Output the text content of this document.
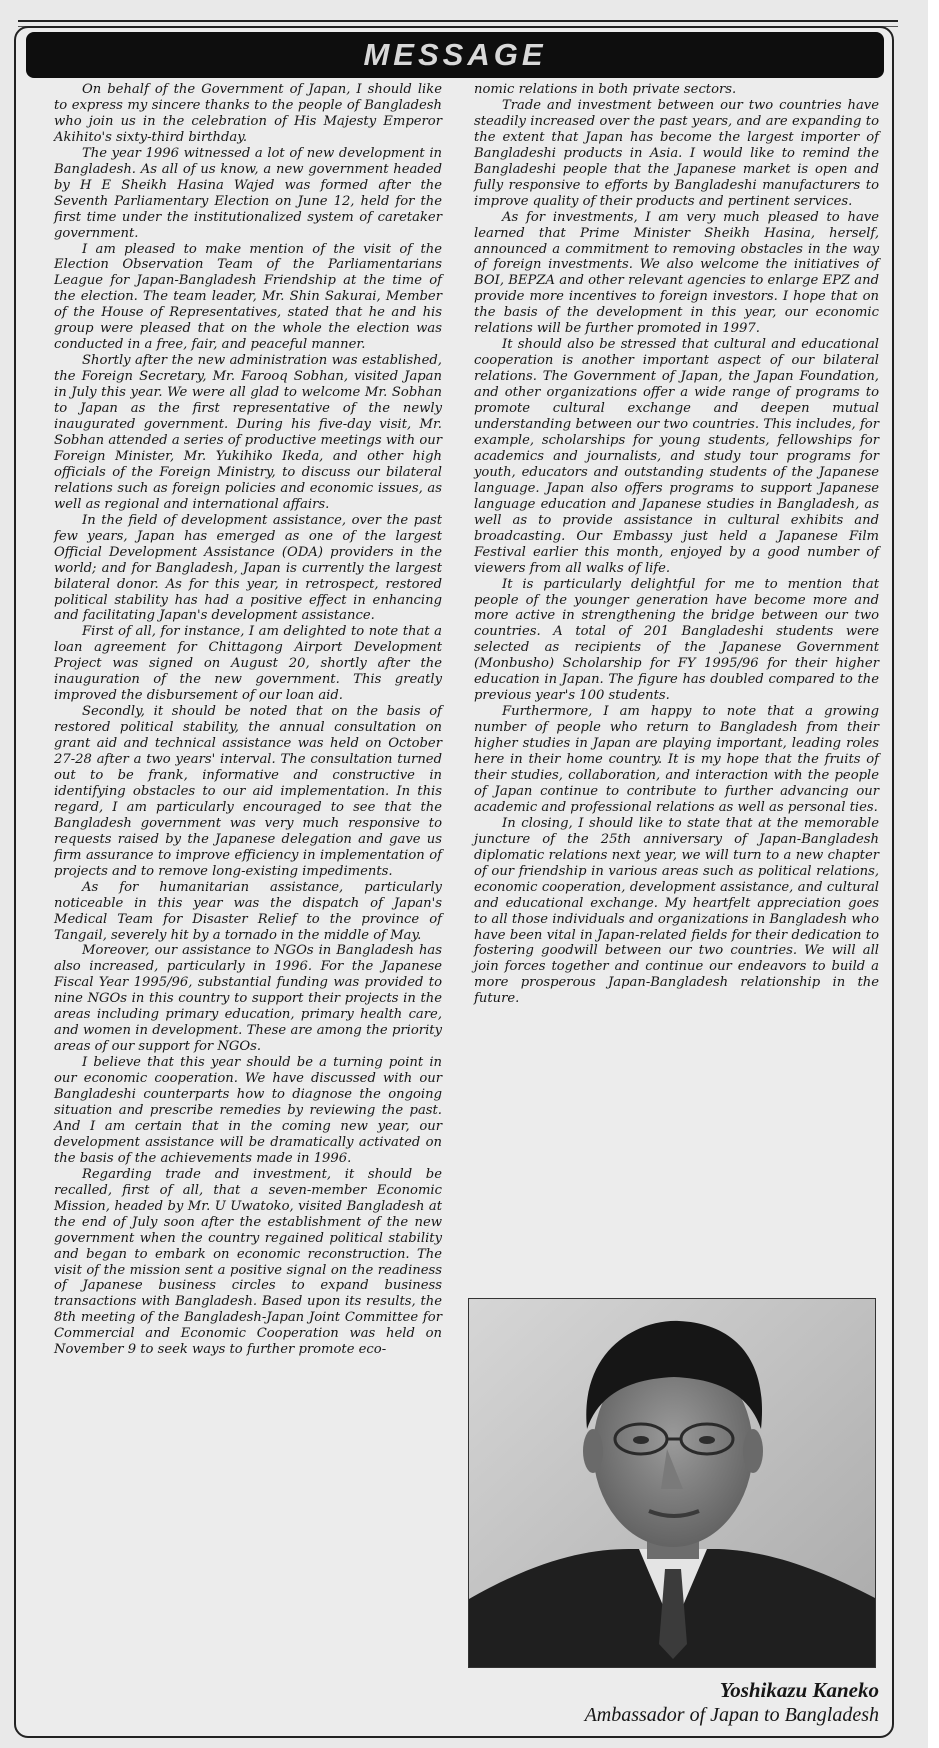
MESSAGE

On behalf of the Government of Japan, I should like to express my sincere thanks to the people of Bangladesh who join us in the celebration of His Majesty Emperor Akihito's sixty-third birthday.

The year 1996 witnessed a lot of new development in Bangladesh. As all of us know, a new government headed by H E Sheikh Hasina Wajed was formed after the Seventh Parliamentary Election on June 12, held for the first time under the institutionalized system of caretaker government.

I am pleased to make mention of the visit of the Election Observation Team of the Parliamentarians League for Japan-Bangladesh Friendship at the time of the election. The team leader, Mr. Shin Sakurai, Member of the House of Representatives, stated that he and his group were pleased that on the whole the election was conducted in a free, fair, and peaceful manner.

Shortly after the new administration was established, the Foreign Secretary, Mr. Farooq Sobhan, visited Japan in July this year. We were all glad to welcome Mr. Sobhan to Japan as the first representative of the newly inaugurated government. During his five-day visit, Mr. Sobhan attended a series of productive meetings with our Foreign Minister, Mr. Yukihiko Ikeda, and other high officials of the Foreign Ministry, to discuss our bilateral relations such as foreign policies and economic issues, as well as regional and international affairs.

In the field of development assistance, over the past few years, Japan has emerged as one of the largest Official Development Assistance (ODA) providers in the world; and for Bangladesh, Japan is currently the largest bilateral donor. As for this year, in retrospect, restored political stability has had a positive effect in enhancing and facilitating Japan's development assistance.

First of all, for instance, I am delighted to note that a loan agreement for Chittagong Airport Development Project was signed on August 20, shortly after the inauguration of the new government. This greatly improved the disbursement of our loan aid.

Secondly, it should be noted that on the basis of restored political stability, the annual consultation on grant aid and technical assistance was held on October 27-28 after a two years' interval. The consultation turned out to be frank, informative and constructive in identifying obstacles to our aid implementation. In this regard, I am particularly encouraged to see that the Bangladesh government was very much responsive to requests raised by the Japanese delegation and gave us firm assurance to improve efficiency in implementation of projects and to remove long-existing impediments.

As for humanitarian assistance, particularly noticeable in this year was the dispatch of Japan's Medical Team for Disaster Relief to the province of Tangail, severely hit by a tornado in the middle of May.

Moreover, our assistance to NGOs in Bangladesh has also increased, particularly in 1996. For the Japanese Fiscal Year 1995/96, substantial funding was provided to nine NGOs in this country to support their projects in the areas including primary education, primary health care, and women in development. These are among the priority areas of our support for NGOs.

I believe that this year should be a turning point in our economic cooperation. We have discussed with our Bangladeshi counterparts how to diagnose the ongoing situation and prescribe remedies by reviewing the past. And I am certain that in the coming new year, our development assistance will be dramatically activated on the basis of the achievements made in 1996.

Regarding trade and investment, it should be recalled, first of all, that a seven-member Economic Mission, headed by Mr. U Uwatoko, visited Bangladesh at the end of July soon after the establishment of the new government when the country regained political stability and began to embark on economic reconstruction. The visit of the mission sent a positive signal on the readiness of Japanese business circles to expand business transactions with Bangladesh. Based upon its results, the 8th meeting of the Bangladesh-Japan Joint Committee for Commercial and Economic Cooperation was held on November 9 to seek ways to further promote eco-

nomic relations in both private sectors.

Trade and investment between our two countries have steadily increased over the past years, and are expanding to the extent that Japan has become the largest importer of Bangladeshi products in Asia. I would like to remind the Bangladeshi people that the Japanese market is open and fully responsive to efforts by Bangladeshi manufacturers to improve quality of their products and pertinent services.

As for investments, I am very much pleased to have learned that Prime Minister Sheikh Hasina, herself, announced a commitment to removing obstacles in the way of foreign investments. We also welcome the initiatives of BOI, BEPZA and other relevant agencies to enlarge EPZ and provide more incentives to foreign investors. I hope that on the basis of the development in this year, our economic relations will be further promoted in 1997.

It should also be stressed that cultural and educational cooperation is another important aspect of our bilateral relations. The Government of Japan, the Japan Foundation, and other organizations offer a wide range of programs to promote cultural exchange and deepen mutual understanding between our two countries. This includes, for example, scholarships for young students, fellowships for academics and journalists, and study tour programs for youth, educators and outstanding students of the Japanese language. Japan also offers programs to support Japanese language education and Japanese studies in Bangladesh, as well as to provide assistance in cultural exhibits and broadcasting. Our Embassy just held a Japanese Film Festival earlier this month, enjoyed by a good number of viewers from all walks of life.

It is particularly delightful for me to mention that people of the younger generation have become more and more active in strengthening the bridge between our two countries. A total of 201 Bangladeshi students were selected as recipients of the Japanese Government (Monbusho) Scholarship for FY 1995/96 for their higher education in Japan. The figure has doubled compared to the previous year's 100 students.

Furthermore, I am happy to note that a growing number of people who return to Bangladesh from their higher studies in Japan are playing important, leading roles here in their home country. It is my hope that the fruits of their studies, collaboration, and interaction with the people of Japan continue to contribute to further advancing our academic and professional relations as well as personal ties.

In closing, I should like to state that at the memorable juncture of the 25th anniversary of Japan-Bangladesh diplomatic relations next year, we will turn to a new chapter of our friendship in various areas such as political relations, economic cooperation, development assistance, and cultural and educational exchange. My heartfelt appreciation goes to all those individuals and organizations in Bangladesh who have been vital in Japan-related fields for their dedication to fostering goodwill between our two countries. We will all join forces together and continue our endeavors to build a more prosperous Japan-Bangladesh relationship in the future.

Yoshikazu Kaneko
Ambassador of Japan to Bangladesh
